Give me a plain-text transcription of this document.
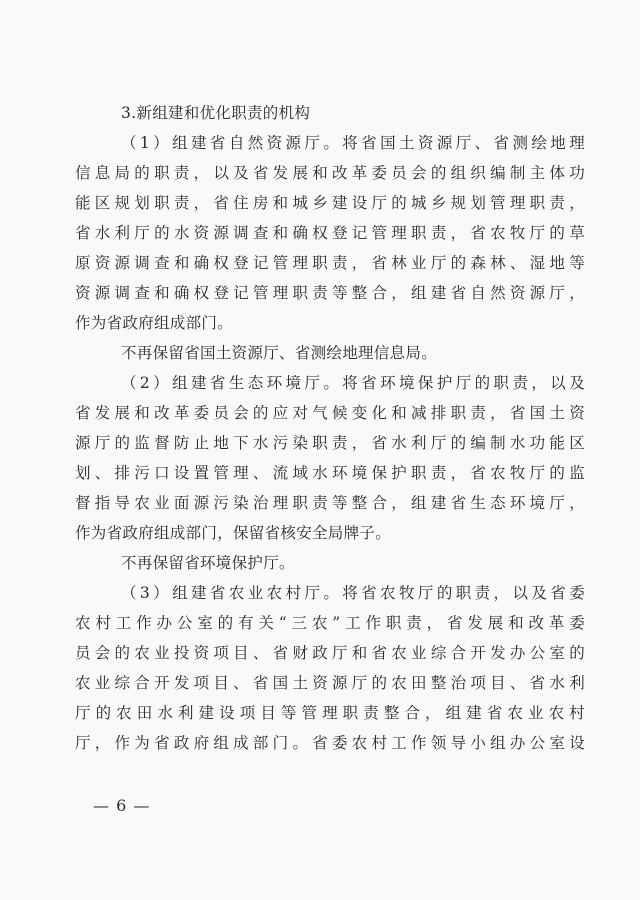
3.新组建和优化职责的机构
（1）组建省自然资源厅。将省国土资源厅、省测绘地理
信息局的职责，以及省发展和改革委员会的组织编制主体功
能区规划职责，省住房和城乡建设厅的城乡规划管理职责，
省水利厅的水资源调查和确权登记管理职责，省农牧厅的草
原资源调查和确权登记管理职责，省林业厅的森林、湿地等
资源调查和确权登记管理职责等整合，组建省自然资源厅，
作为省政府组成部门。
不再保留省国土资源厅、省测绘地理信息局。
（2）组建省生态环境厅。将省环境保护厅的职责，以及
省发展和改革委员会的应对气候变化和减排职责，省国土资
源厅的监督防止地下水污染职责，省水利厅的编制水功能区
划、排污口设置管理、流域水环境保护职责，省农牧厅的监
督指导农业面源污染治理职责等整合，组建省生态环境厅，
作为省政府组成部门，保留省核安全局牌子。
不再保留省环境保护厅。
（3）组建省农业农村厅。将省农牧厅的职责，以及省委
农村工作办公室的有关“三农”工作职责，省发展和改革委
员会的农业投资项目、省财政厅和省农业综合开发办公室的
农业综合开发项目、省国土资源厅的农田整治项目、省水利
厅的农田水利建设项目等管理职责整合，组建省农业农村
厅，作为省政府组成部门。省委农村工作领导小组办公室设
— 6 —
